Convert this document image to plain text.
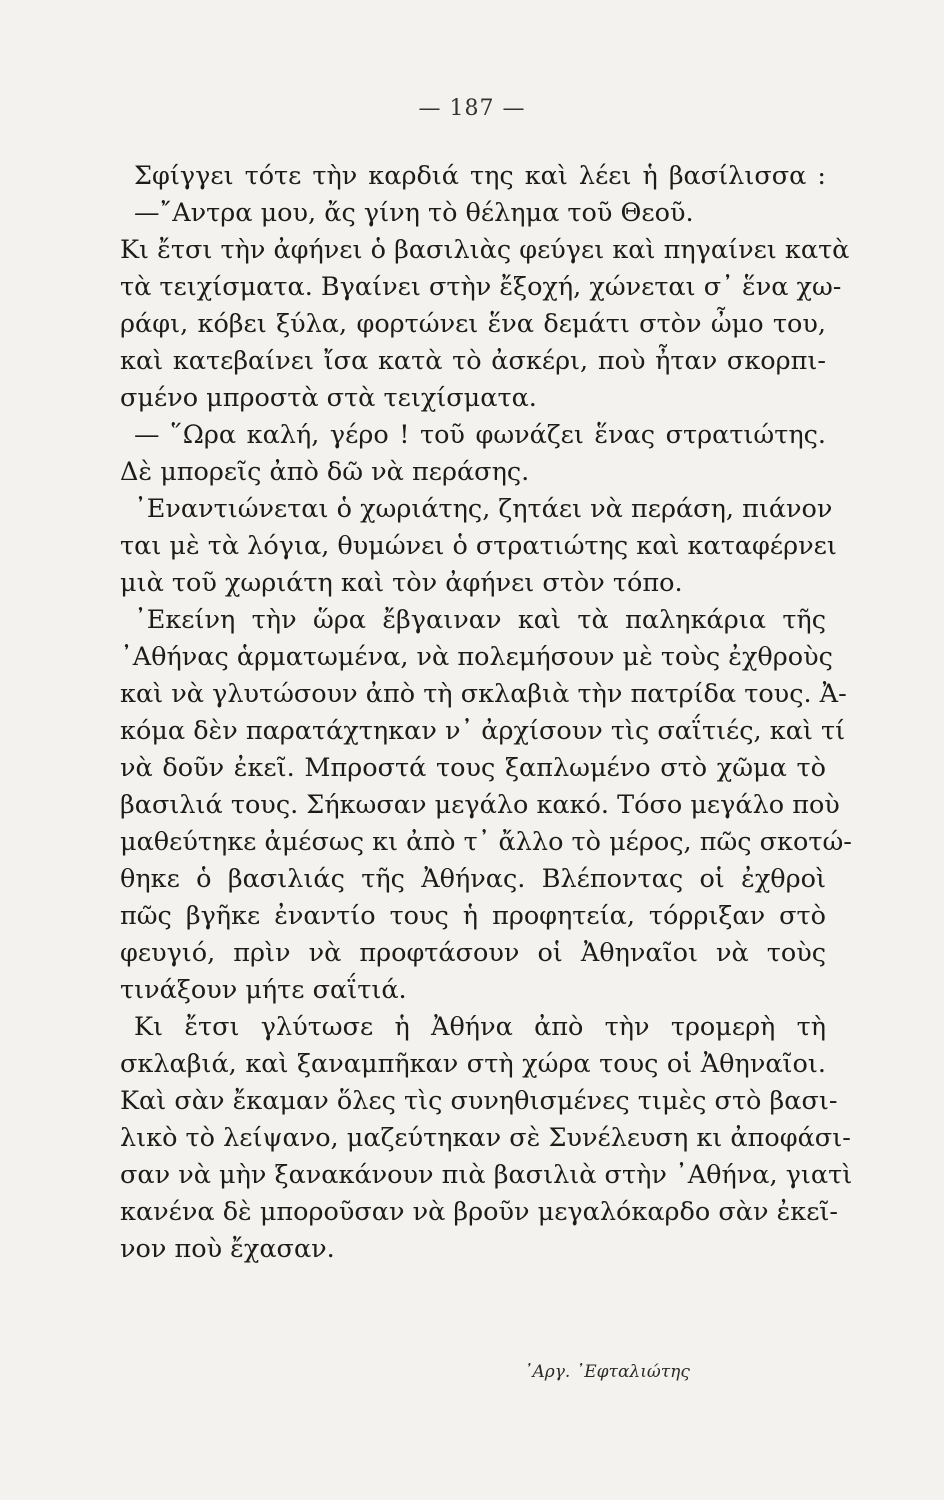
— 187 —
Σφίγγει τότε τὴν καρδιά της καὶ λέει ἡ βασίλισσα :
—῎Αντρα μου, ἄς γίνη τὸ θέλημα τοῦ Θεοῦ.
Κι ἔτσι τὴν ἀφήνει ὁ βασιλιὰς φεύγει καὶ πηγαίνει κατὰ
τὰ τειχίσματα. Βγαίνει στὴν ἔξοχή, χώνεται σ᾽ ἕνα χω-
ράφι, κόβει ξύλα, φορτώνει ἕνα δεμάτι στὸν ὦμο του,
καὶ κατεβαίνει ἴσα κατὰ τὸ ἀσκέρι, ποὺ ἦταν σκορπι-
σμένο μπροστὰ στὰ τειχίσματα.
— ῞Ωρα καλή, γέρο ! τοῦ φωνάζει ἕνας στρατιώτης.
Δὲ μπορεῖς ἀπὸ δῶ νὰ περάσης.
᾽Εναντιώνεται ὁ χωριάτης, ζητάει νὰ περάση, πιάνον
ται μὲ τὰ λόγια, θυμώνει ὁ στρατιώτης καὶ καταφέρνει
μιὰ τοῦ χωριάτη καὶ τὸν ἀφήνει στὸν τόπο.
᾽Εκείνη τὴν ὥρα ἔβγαιναν καὶ τὰ παληκάρια τῆς
᾽Αθήνας ἁρματωμένα, νὰ πολεμήσουν μὲ τοὺς ἐχθροὺς
καὶ νὰ γλυτώσουν ἀπὸ τὴ σκλαβιὰ τὴν πατρίδα τους. Ἀ-
κόμα δὲν παρατάχτηκαν ν᾽ ἀρχίσουν τὶς σαΐτιές, καὶ τί
νὰ δοῦν ἐκεῖ. Μπροστά τους ξαπλωμένο στὸ χῶμα τὸ
βασιλιά τους. Σήκωσαν μεγάλο κακό. Τόσο μεγάλο ποὺ
μαθεύτηκε ἀμέσως κι ἀπὸ τ᾽ ἄλλο τὸ μέρος, πῶς σκοτώ-
θηκε ὁ βασιλιάς τῆς Ἀθήνας. Βλέποντας οἱ ἐχθροὶ
πῶς βγῆκε ἐναντίο τους ἡ προφητεία, τόρριξαν στὸ
φευγιό, πρὶν νὰ προφτάσουν οἱ Ἀθηναῖοι νὰ τοὺς
τινάξουν μήτε σαΐτιά.
Κι ἔτσι γλύτωσε ἡ Ἀθήνα ἀπὸ τὴν τρομερὴ τὴ
σκλαβιά, καὶ ξαναμπῆκαν στὴ χώρα τους οἱ Ἀθηναῖοι.
Καὶ σὰν ἔκαμαν ὅλες τὶς συνηθισμένες τιμὲς στὸ βασι-
λικὸ τὸ λείψανο, μαζεύτηκαν σὲ Συνέλευση κι ἀποφάσι-
σαν νὰ μὴν ξανακάνουν πιὰ βασιλιὰ στὴν ᾽Αθήνα, γιατὶ
κανένα δὲ μποροῦσαν νὰ βροῦν μεγαλόκαρδο σὰν ἐκεῖ-
νον ποὺ ἔχασαν.
᾽Αργ. ᾽Εφταλιώτης
